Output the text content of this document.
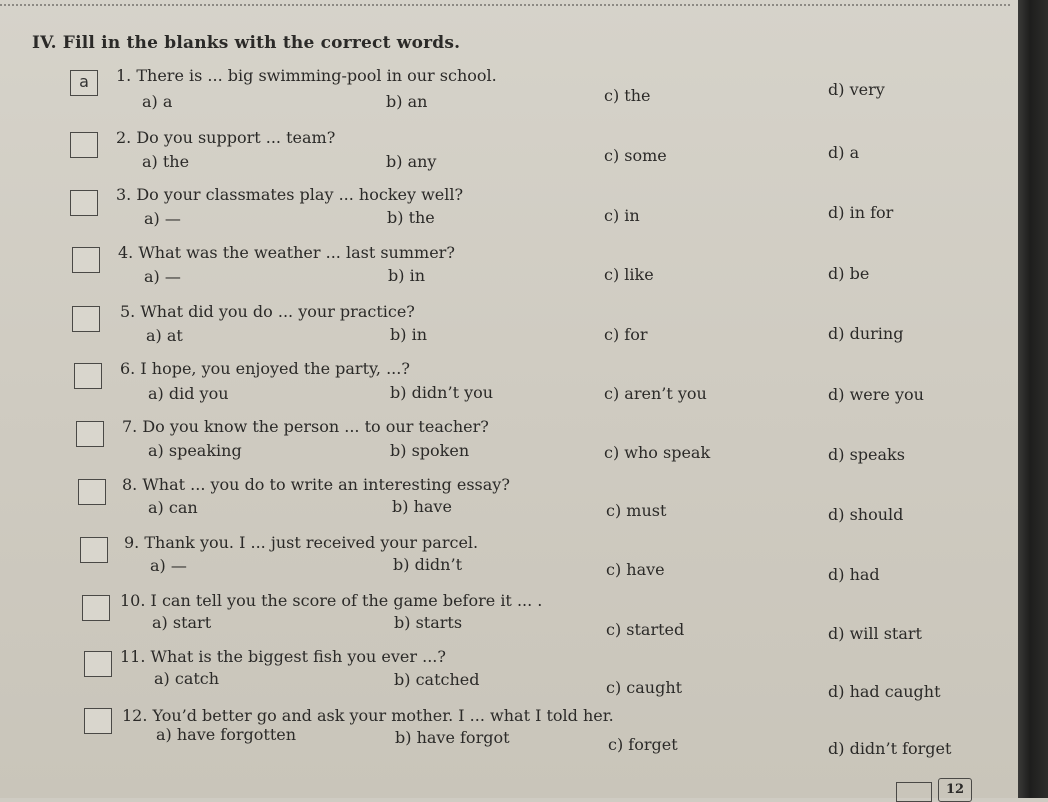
IV. Fill in the blanks with the correct words.
a	1. There is ... big swimming-pool in our school.
a) a	b) an	c) the	d) very
2. Do you support ... team?
a) the	b) any	c) some	d) a
3. Do your classmates play ... hockey well?
a) —	b) the	c) in	d) in for
4. What was the weather ... last summer?
a) —	b) in	c) like	d) be
5. What did you do ... your practice?
a) at	b) in	c) for	d) during
6. I hope, you enjoyed the party, ...?
a) did you	b) didn’t you	c) aren’t you	d) were you
7. Do you know the person ... to our teacher?
a) speaking	b) spoken	c) who speak	d) speaks
8. What ... you do to write an interesting essay?
a) can	b) have	c) must	d) should
9. Thank you. I ... just received your parcel.
a) —	b) didn’t	c) have	d) had
10. I can tell you the score of the game before it ... .
a) start	b) starts	c) started	d) will start
11. What is the biggest fish you ever ...?
a) catch	b) catched	c) caught	d) had caught
12. You’d better go and ask your mother. I ... what I told her.
a) have forgotten	b) have forgot	c) forget	d) didn’t forget
12
